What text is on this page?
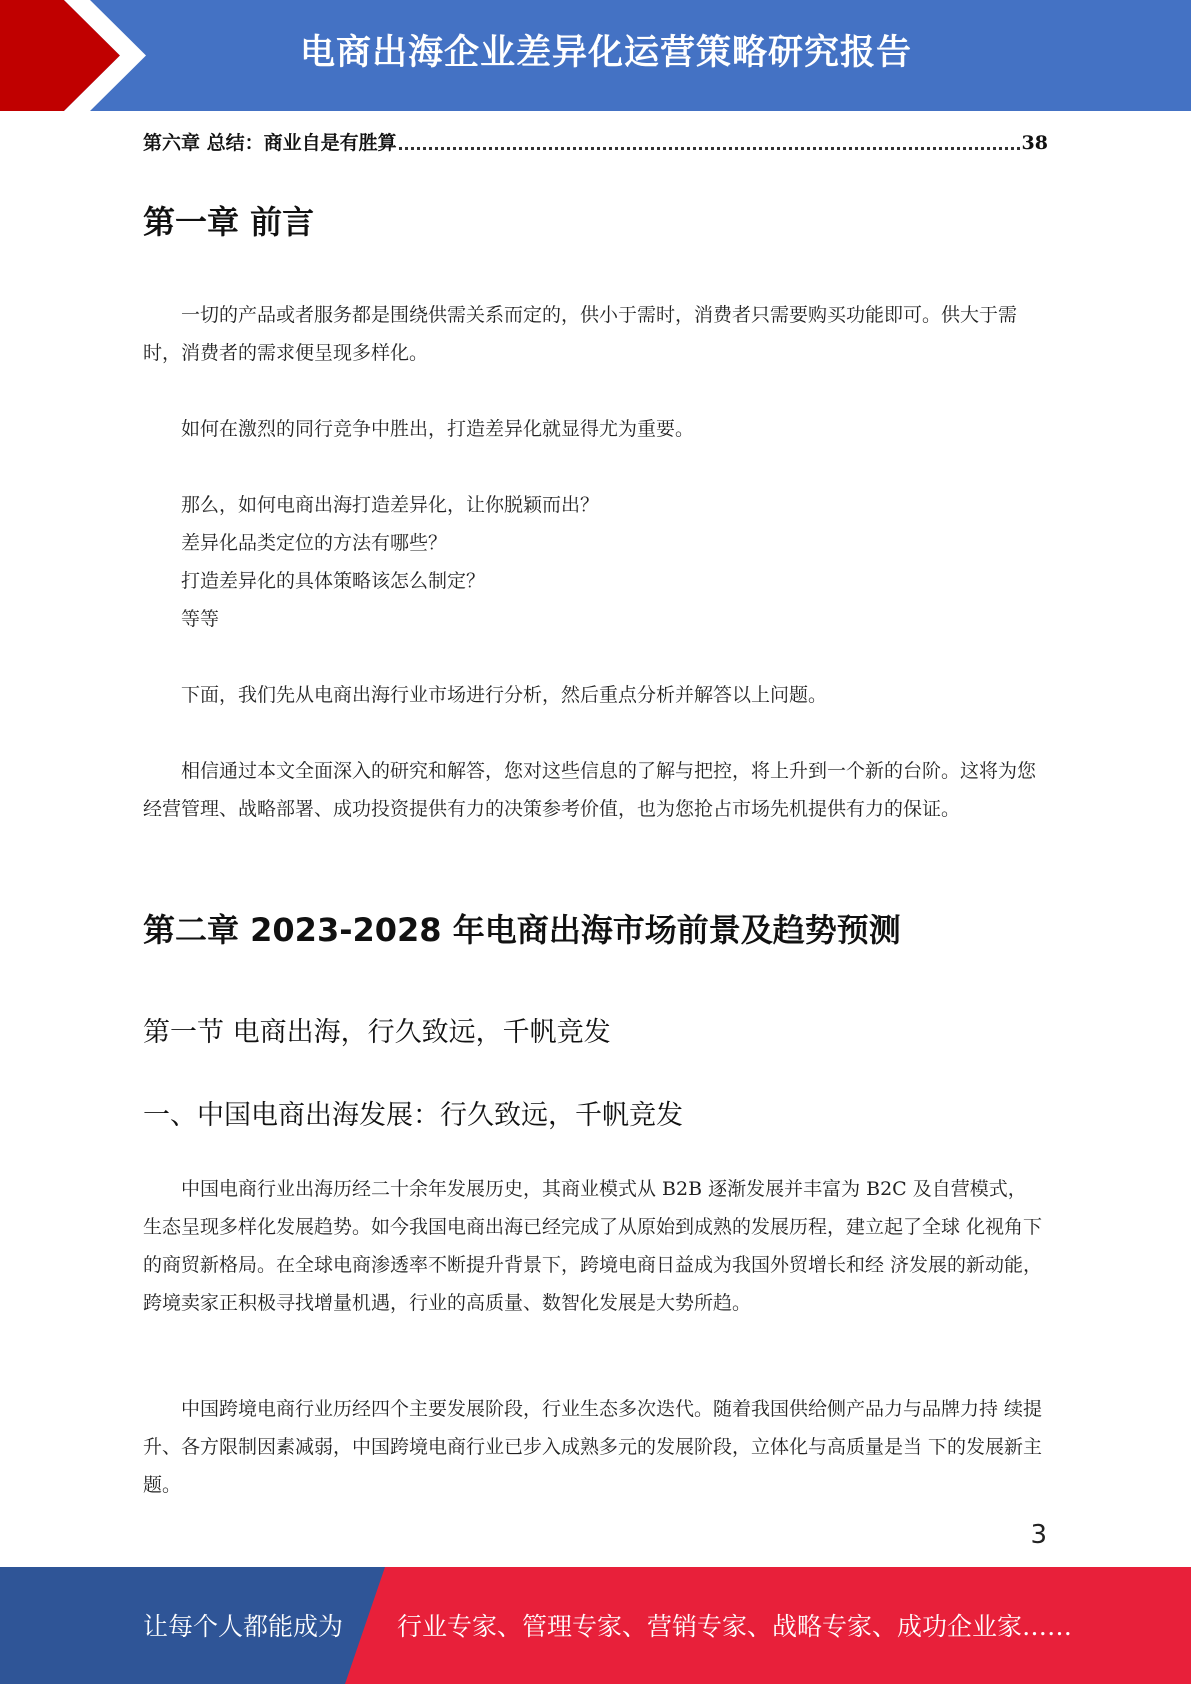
电商出海企业差异化运营策略研究报告
第六章 总结：商业自是有胜算	38
第一章 前言

一切的产品或者服务都是围绕供需关系而定的，供小于需时，消费者只需要购买功能即可。供大于需时，消费者的需求便呈现多样化。

如何在激烈的同行竞争中胜出，打造差异化就显得尤为重要。

那么，如何电商出海打造差异化，让你脱颖而出？
差异化品类定位的方法有哪些？
打造差异化的具体策略该怎么制定？
等等

下面，我们先从电商出海行业市场进行分析，然后重点分析并解答以上问题。

相信通过本文全面深入的研究和解答，您对这些信息的了解与把控，将上升到一个新的台阶。这将为您经营管理、战略部署、成功投资提供有力的决策参考价值，也为您抢占市场先机提供有力的保证。

第二章 2023-2028 年电商出海市场前景及趋势预测
第一节 电商出海，行久致远，千帆竞发
一、中国电商出海发展：行久致远，千帆竞发

中国电商行业出海历经二十余年发展历史，其商业模式从 B2B 逐渐发展并丰富为 B2C 及自营模式， 生态呈现多样化发展趋势。如今我国电商出海已经完成了从原始到成熟的发展历程，建立起了全球 化视角下的商贸新格局。在全球电商渗透率不断提升背景下，跨境电商日益成为我国外贸增长和经 济发展的新动能，跨境卖家正积极寻找增量机遇，行业的高质量、数智化发展是大势所趋。

中国跨境电商行业历经四个主要发展阶段，行业生态多次迭代。随着我国供给侧产品力与品牌力持 续提升、各方限制因素减弱，中国跨境电商行业已步入成熟多元的发展阶段，立体化与高质量是当 下的发展新主题。

3
让每个人都能成为 行业专家、管理专家、营销专家、战略专家、成功企业家……
